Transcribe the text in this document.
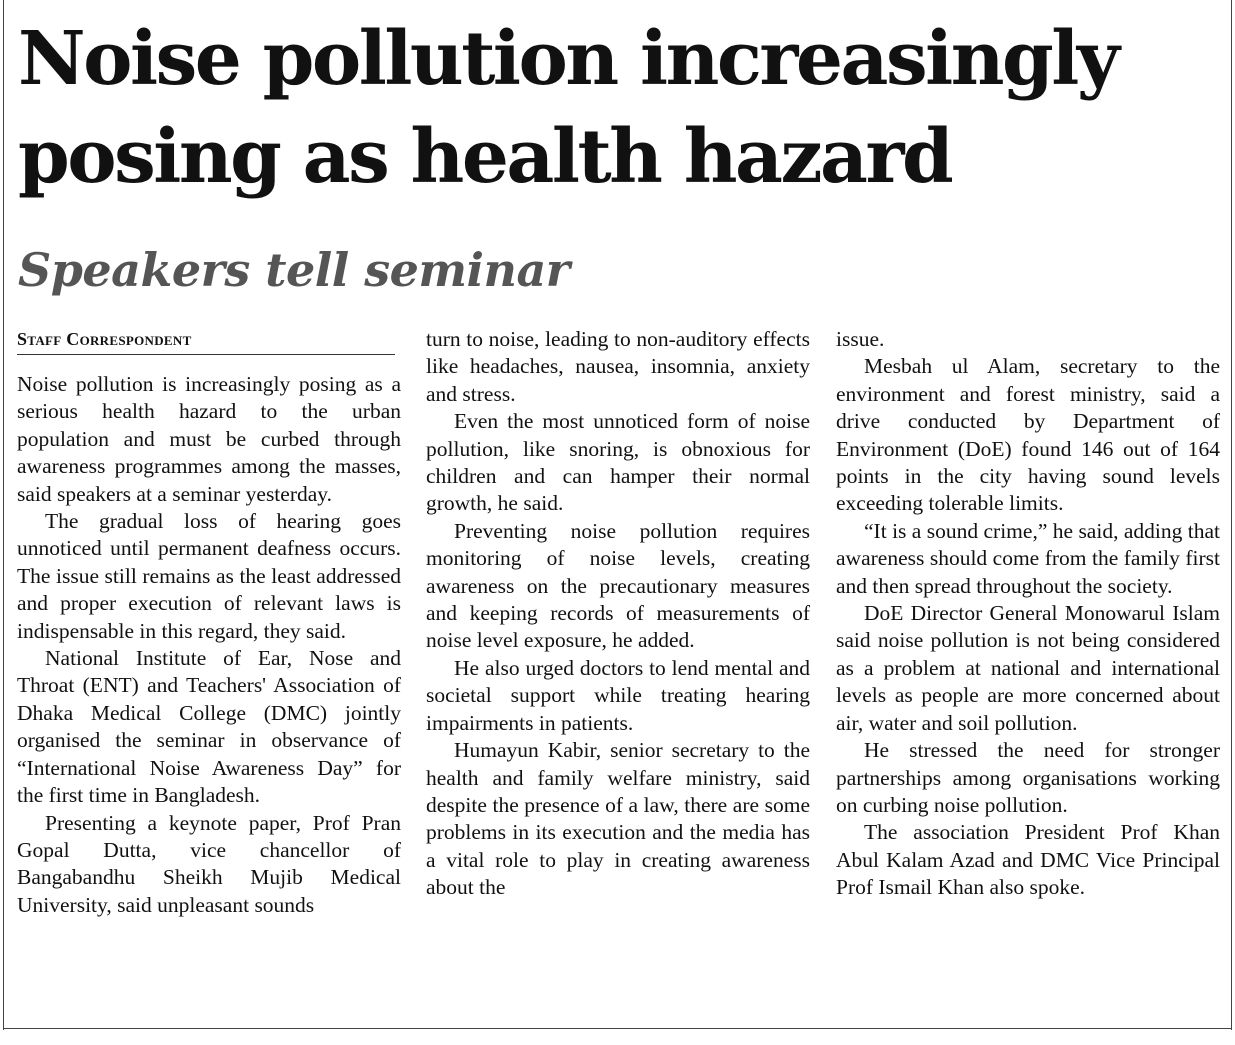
Noise pollution increasingly posing as health hazard
Speakers tell seminar
Staff Correspondent

Noise pollution is increasingly posing as a serious health hazard to the urban population and must be curbed through awareness programmes among the masses, said speakers at a seminar yesterday.

The gradual loss of hearing goes unnoticed until permanent deafness occurs. The issue still remains as the least addressed and proper execution of relevant laws is indispensable in this regard, they said.

National Institute of Ear, Nose and Throat (ENT) and Teachers' Association of Dhaka Medical College (DMC) jointly organised the seminar in observance of “International Noise Awareness Day” for the first time in Bangladesh.

Presenting a keynote paper, Prof Pran Gopal Dutta, vice chancellor of Bangabandhu Sheikh Mujib Medical University, said unpleasant sounds

turn to noise, leading to non-auditory effects like headaches, nausea, insomnia, anxiety and stress.

Even the most unnoticed form of noise pollution, like snoring, is obnoxious for children and can hamper their normal growth, he said.

Preventing noise pollution requires monitoring of noise levels, creating awareness on the precautionary measures and keeping records of measurements of noise level exposure, he added.

He also urged doctors to lend mental and societal support while treating hearing impairments in patients.

Humayun Kabir, senior secretary to the health and family welfare ministry, said despite the presence of a law, there are some problems in its execution and the media has a vital role to play in creating awareness about the

issue.

Mesbah ul Alam, secretary to the environment and forest ministry, said a drive conducted by Department of Environment (DoE) found 146 out of 164 points in the city having sound levels exceeding tolerable limits.

“It is a sound crime,” he said, adding that awareness should come from the family first and then spread throughout the society.

DoE Director General Monowarul Islam said noise pollution is not being considered as a problem at national and international levels as people are more concerned about air, water and soil pollution.

He stressed the need for stronger partnerships among organisations working on curbing noise pollution.

The association President Prof Khan Abul Kalam Azad and DMC Vice Principal Prof Ismail Khan also spoke.
